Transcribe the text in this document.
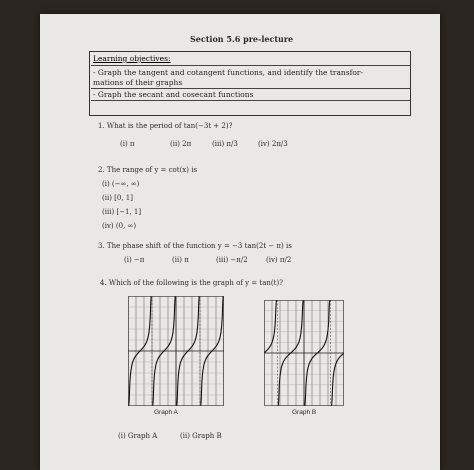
Section 5.6 pre-lecture
Learning objectives:
- Graph the tangent and cotangent functions, and identify the transfor-
mations of their graphs
- Graph the secant and cosecant functions
1. What is the period of tan(−3t + 2)?
(i) π	(ii) 2π	(iii) π/3	(iv) 2π/3
2. The range of y = cot(x) is
(i) (−∞, ∞)
(ii) [0, 1]
(iii) [−1, 1]
(iv) (0, ∞)
3. The phase shift of the function y = −3 tan(2t − π) is
(i) −π	(ii) π	(iii) −π/2	(iv) π/2
4. Which of the following is the graph of y = tan(t)?
Graph A	Graph B
(i) Graph A	(ii) Graph B
